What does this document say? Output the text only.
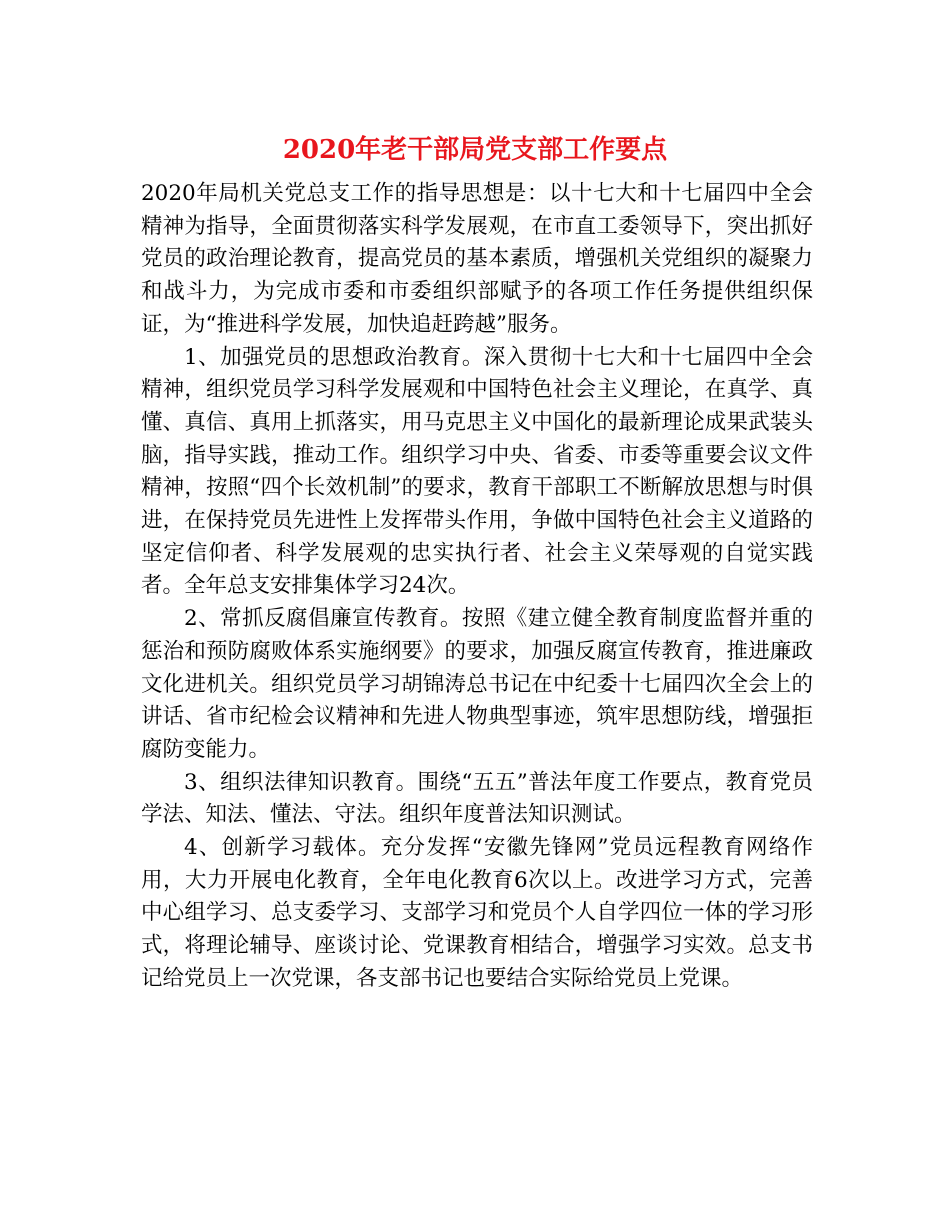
2020年老干部局党支部工作要点

2020年局机关党总支工作的指导思想是：以十七大和十七届四中全会精神为指导，全面贯彻落实科学发展观，在市直工委领导下，突出抓好党员的政治理论教育，提高党员的基本素质，增强机关党组织的凝聚力和战斗力，为完成市委和市委组织部赋予的各项工作任务提供组织保证，为“推进科学发展，加快追赶跨越”服务。

1、加强党员的思想政治教育。深入贯彻十七大和十七届四中全会精神，组织党员学习科学发展观和中国特色社会主义理论，在真学、真懂、真信、真用上抓落实，用马克思主义中国化的最新理论成果武装头脑，指导实践，推动工作。组织学习中央、省委、市委等重要会议文件精神，按照“四个长效机制”的要求，教育干部职工不断解放思想与时俱进，在保持党员先进性上发挥带头作用，争做中国特色社会主义道路的坚定信仰者、科学发展观的忠实执行者、社会主义荣辱观的自觉实践者。全年总支安排集体学习24次。

2、常抓反腐倡廉宣传教育。按照《建立健全教育制度监督并重的惩治和预防腐败体系实施纲要》的要求，加强反腐宣传教育，推进廉政文化进机关。组织党员学习胡锦涛总书记在中纪委十七届四次全会上的讲话、省市纪检会议精神和先进人物典型事迹，筑牢思想防线，增强拒腐防变能力。

3、组织法律知识教育。围绕“五五”普法年度工作要点，教育党员学法、知法、懂法、守法。组织年度普法知识测试。

4、创新学习载体。充分发挥“安徽先锋网”党员远程教育网络作用，大力开展电化教育，全年电化教育6次以上。改进学习方式，完善中心组学习、总支委学习、支部学习和党员个人自学四位一体的学习形式，将理论辅导、座谈讨论、党课教育相结合，增强学习实效。总支书记给党员上一次党课，各支部书记也要结合实际给党员上党课。
